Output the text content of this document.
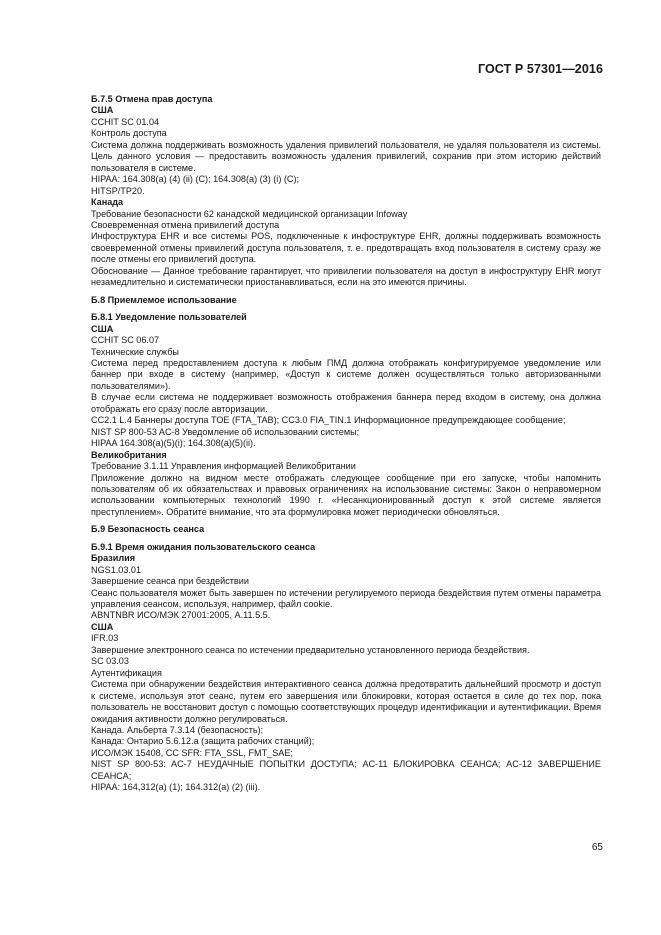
ГОСТ Р 57301—2016

Б.7.5 Отмена прав доступа

США

CCHIT SC 01.04

Контроль доступа

Система должна поддерживать возможность удаления привилегий пользователя, не удаляя пользователя из системы. Цель данного условия — предоставить возможность удаления привилегий, сохранив при этом историю действий пользователя в системе.

HIPAA: 164.308(a) (4) (ii) (C); 164.308(a) (3) (i) (C);

HITSP/TP20.

Канада

Требование безопасности 62 канадской медицинской организации Infoway

Своевременная отмена привилегий доступа

Инфоструктура EHR и все системы POS, подключенные к инфоструктуре EHR, должны поддерживать возможность своевременной отмены привилегий доступа пользователя, т. е. предотвращать вход пользователя в систему сразу же после отмены его привилегий доступа.

Обоснование — Данное требование гарантирует, что привилегии пользователя на доступ в инфоструктуру EHR могут незамедлительно и систематически приостанавливаться, если на это имеются причины.

Б.8 Приемлемое использование

Б.8.1 Уведомление пользователей

США

CCHIT SC 06.07

Технические службы

Система перед предоставлением доступа к любым ПМД должна отображать конфигурируемое уведомление или баннер при входе в систему (например, «Доступ к системе должен осуществляться только авторизованными пользователями»).

В случае если система не поддерживает возможность отображения баннера перед входом в систему, она должна отображать его сразу после авторизации.

CC2.1 L.4 Баннеры доступа TOE (FTA_TAB); CC3.0 FIA_TIN.1 Информационное предупреждающее сообщение;

NIST SP 800-53 AC-8 Уведомление об использовании системы;

HIPAA 164.308(a)(5)(i); 164.308(a)(5)(ii).

Великобритания

Требование 3.1.11 Управления информацией Великобритании

Приложение должно на видном месте отображать следующее сообщение при его запуске, чтобы напомнить пользователям об их обязательствах и правовых ограничениях на использование системы: Закон о неправомерном использовании компьютерных технологий 1990 г. «Несанкционированный доступ к этой системе является преступлением». Обратите внимание, что эта формулировка может периодически обновляться.

Б.9 Безопасность сеанса

Б.9.1 Время ожидания пользовательского сеанса

Бразилия

NGS1.03.01

Завершение сеанса при бездействии

Сеанс пользователя может быть завершен по истечении регулируемого периода бездействия путем отмены параметра управления сеансом, используя, например, файл cookie.

ABNTNBR ИСО/МЭК 27001:2005, А.11.5.5.

США

IFR.03

Завершение электронного сеанса по истечении предварительно установленного периода бездействия.

SC 03.03

Аутентификация

Система при обнаружении бездействия интерактивного сеанса должна предотвратить дальнейший просмотр и доступ к системе, используя этот сеанс, путем его завершения или блокировки, которая остается в силе до тех пор, пока пользователь не восстановит доступ с помощью соответствующих процедур идентификации и аутентификации. Время ожидания активности должно регулироваться.

Канада. Альберта 7.3.14 (безопасность);

Канада: Онтарио 5.6.12.а (защита рабочих станций);

ИСО/МЭК 15408, CC SFR: FTA_SSL, FMT_SAE;

NIST SP 800-53: AC-7 НЕУДАЧНЫЕ ПОПЫТКИ ДОСТУПА; AC-11 БЛОКИРОВКА СЕАНСА; AC-12 ЗАВЕРШЕНИЕ СЕАНСА;

HIPAA: 164,312(a) (1); 164.312(a) (2) (iii).

65
